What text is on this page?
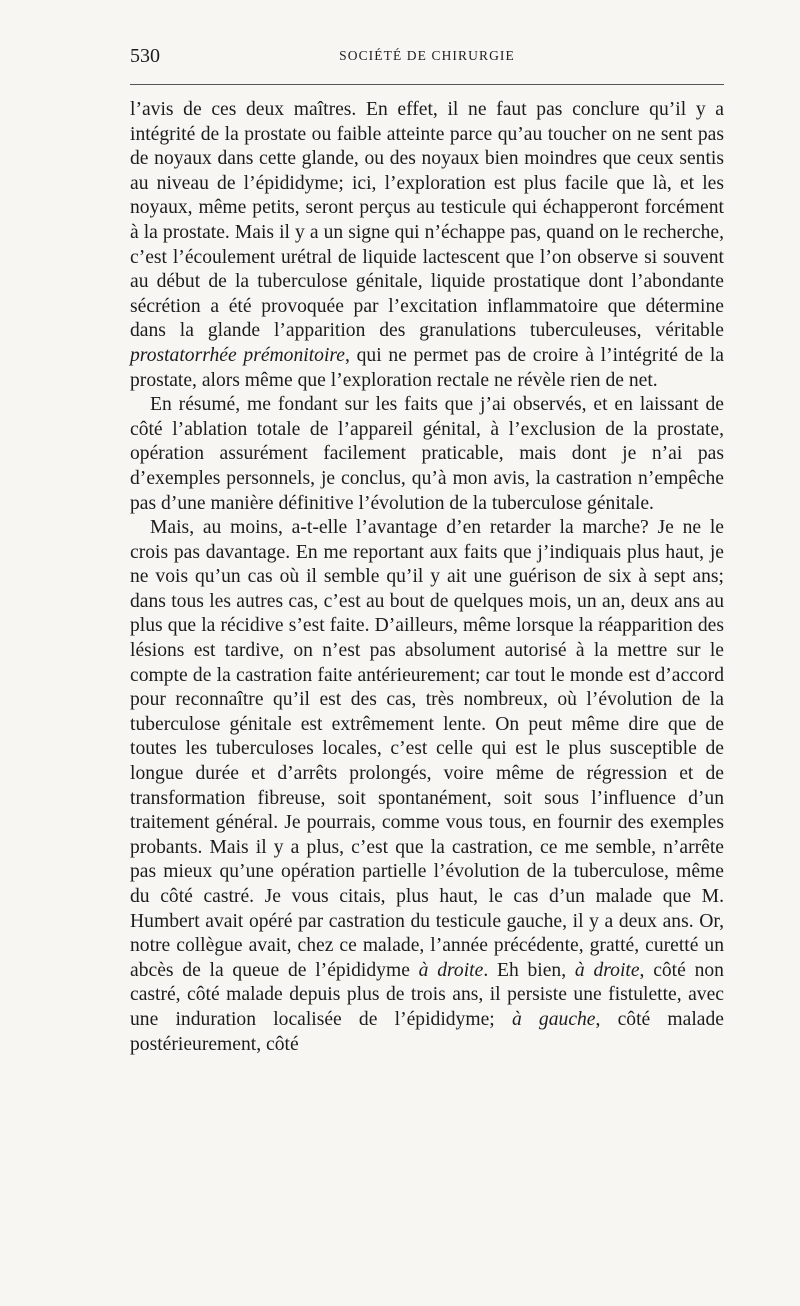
530	SOCIÉTÉ DE CHIRURGIE

l’avis de ces deux maîtres. En effet, il ne faut pas conclure qu’il y a intégrité de la prostate ou faible atteinte parce qu’au toucher on ne sent pas de noyaux dans cette glande, ou des noyaux bien moindres que ceux sentis au niveau de l’épididyme; ici, l’exploration est plus facile que là, et les noyaux, même petits, seront perçus au testicule qui échapperont forcément à la prostate. Mais il y a un signe qui n’échappe pas, quand on le recherche, c’est l’écoulement urétral de liquide lactescent que l’on observe si souvent au début de la tuberculose génitale, liquide prostatique dont l’abondante sécrétion a été provoquée par l’excitation inflammatoire que détermine dans la glande l’apparition des granulations tuberculeuses, véritable prostatorrhée prémonitoire, qui ne permet pas de croire à l’intégrité de la prostate, alors même que l’exploration rectale ne révèle rien de net.

En résumé, me fondant sur les faits que j’ai observés, et en laissant de côté l’ablation totale de l’appareil génital, à l’exclusion de la prostate, opération assurément facilement praticable, mais dont je n’ai pas d’exemples personnels, je conclus, qu’à mon avis, la castration n’empêche pas d’une manière définitive l’évolution de la tuberculose génitale.

Mais, au moins, a-t-elle l’avantage d’en retarder la marche? Je ne le crois pas davantage. En me reportant aux faits que j’indiquais plus haut, je ne vois qu’un cas où il semble qu’il y ait une guérison de six à sept ans; dans tous les autres cas, c’est au bout de quelques mois, un an, deux ans au plus que la récidive s’est faite. D’ailleurs, même lorsque la réapparition des lésions est tardive, on n’est pas absolument autorisé à la mettre sur le compte de la castration faite antérieurement; car tout le monde est d’accord pour reconnaître qu’il est des cas, très nombreux, où l’évolution de la tuberculose génitale est extrêmement lente. On peut même dire que de toutes les tuberculoses locales, c’est celle qui est le plus susceptible de longue durée et d’arrêts prolongés, voire même de régression et de transformation fibreuse, soit spontanément, soit sous l’influence d’un traitement général. Je pourrais, comme vous tous, en fournir des exemples probants. Mais il y a plus, c’est que la castration, ce me semble, n’arrête pas mieux qu’une opération partielle l’évolution de la tuberculose, même du côté castré. Je vous citais, plus haut, le cas d’un malade que M. Humbert avait opéré par castration du testicule gauche, il y a deux ans. Or, notre collègue avait, chez ce malade, l’année précédente, gratté, curetté un abcès de la queue de l’épididyme à droite. Eh bien, à droite, côté non castré, côté malade depuis plus de trois ans, il persiste une fistulette, avec une induration localisée de l’épididyme; à gauche, côté malade postérieurement, côté
